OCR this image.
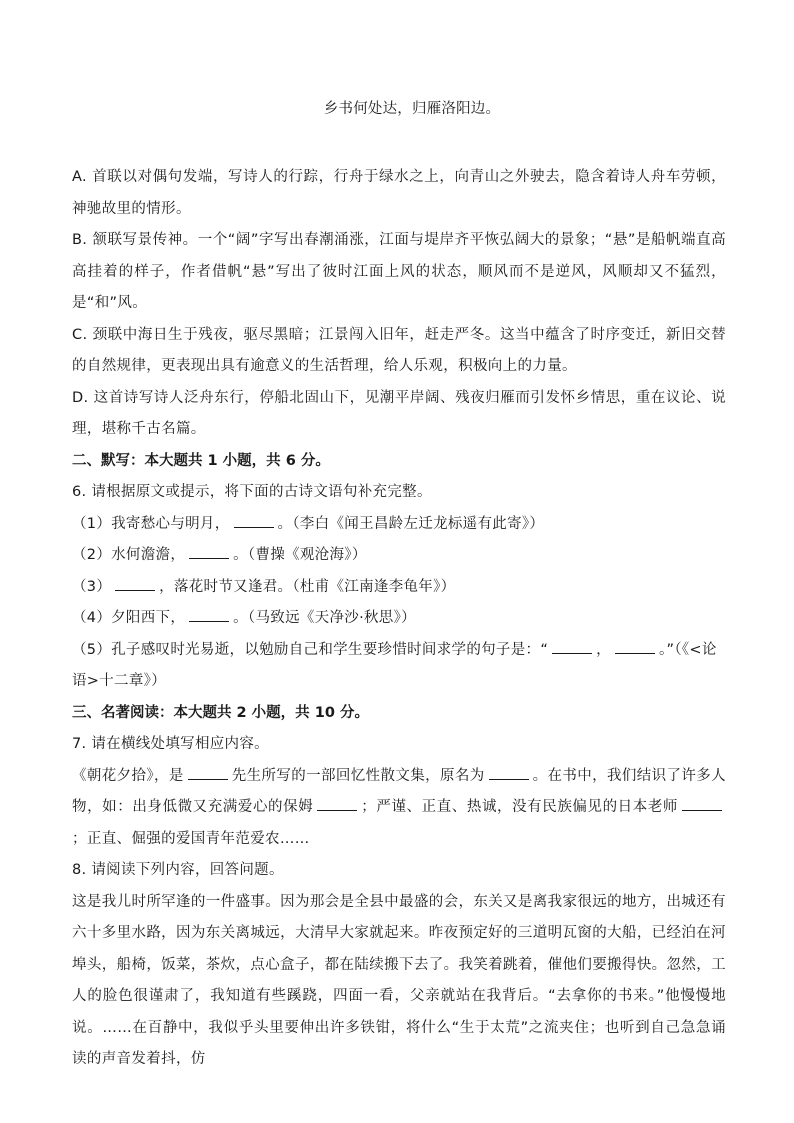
乡书何处达，归雁洛阳边。

A. 首联以对偶句发端，写诗人的行踪，行舟于绿水之上，向青山之外驶去，隐含着诗人舟车劳顿，神驰故里的情形。

B. 颔联写景传神。一个“阔”字写出春潮涌涨，江面与堤岸齐平恢弘阔大的景象；“悬”是船帆端直高高挂着的样子，作者借帆“悬”写出了彼时江面上风的状态，顺风而不是逆风，风顺却又不猛烈，是“和”风。

C. 颈联中海日生于残夜，驱尽黑暗；江景闯入旧年，赶走严冬。这当中蕴含了时序变迁，新旧交替的自然规律，更表现出具有逾意义的生活哲理，给人乐观，积极向上的力量。

D. 这首诗写诗人泛舟东行，停船北固山下，见潮平岸阔、残夜归雁而引发怀乡情思，重在议论、说理，堪称千古名篇。

二、默写：本大题共 1 小题，共 6 分。

6. 请根据原文或提示，将下面的古诗文语句补充完整。

（1）我寄愁心与明月，	。（李白《闻王昌龄左迁龙标遥有此寄》）

（2）水何澹澹，	。（曹操《观沧海》）

（3）	，落花时节又逢君。（杜甫《江南逢李龟年》）

（4）夕阳西下，	。（马致远《天净沙·秋思》）

（5）孔子感叹时光易逝，以勉励自己和学生要珍惜时间求学的句子是：“	，	。”（《<论语>十二章》）

三、名著阅读：本大题共 2 小题，共 10 分。

7. 请在横线处填写相应内容。

《朝花夕拾》，是	先生所写的一部回忆性散文集，原名为	。在书中，我们结识了许多人物，如：出身低微又充满爱心的保姆	；严谨、正直、热诚，没有民族偏见的日本老师；正直、倔强的爱国青年范爱农……

8. 请阅读下列内容，回答问题。

这是我儿时所罕逢的一件盛事。因为那会是全县中最盛的会，东关又是离我家很远的地方，出城还有六十多里水路，因为东关离城远，大清早大家就起来。昨夜预定好的三道明瓦窗的大船，已经泊在河埠头，船椅，饭菜，茶炊，点心盒子，都在陆续搬下去了。我笑着跳着，催他们要搬得快。忽然，工人的脸色很谨肃了，我知道有些蹊跷，四面一看，父亲就站在我背后。“去拿你的书来。”他慢慢地说。……在百静中，我似乎头里要伸出许多铁钳，将什么“生于太荒”之流夹住；也听到自己急急诵读的声音发着抖，仿
